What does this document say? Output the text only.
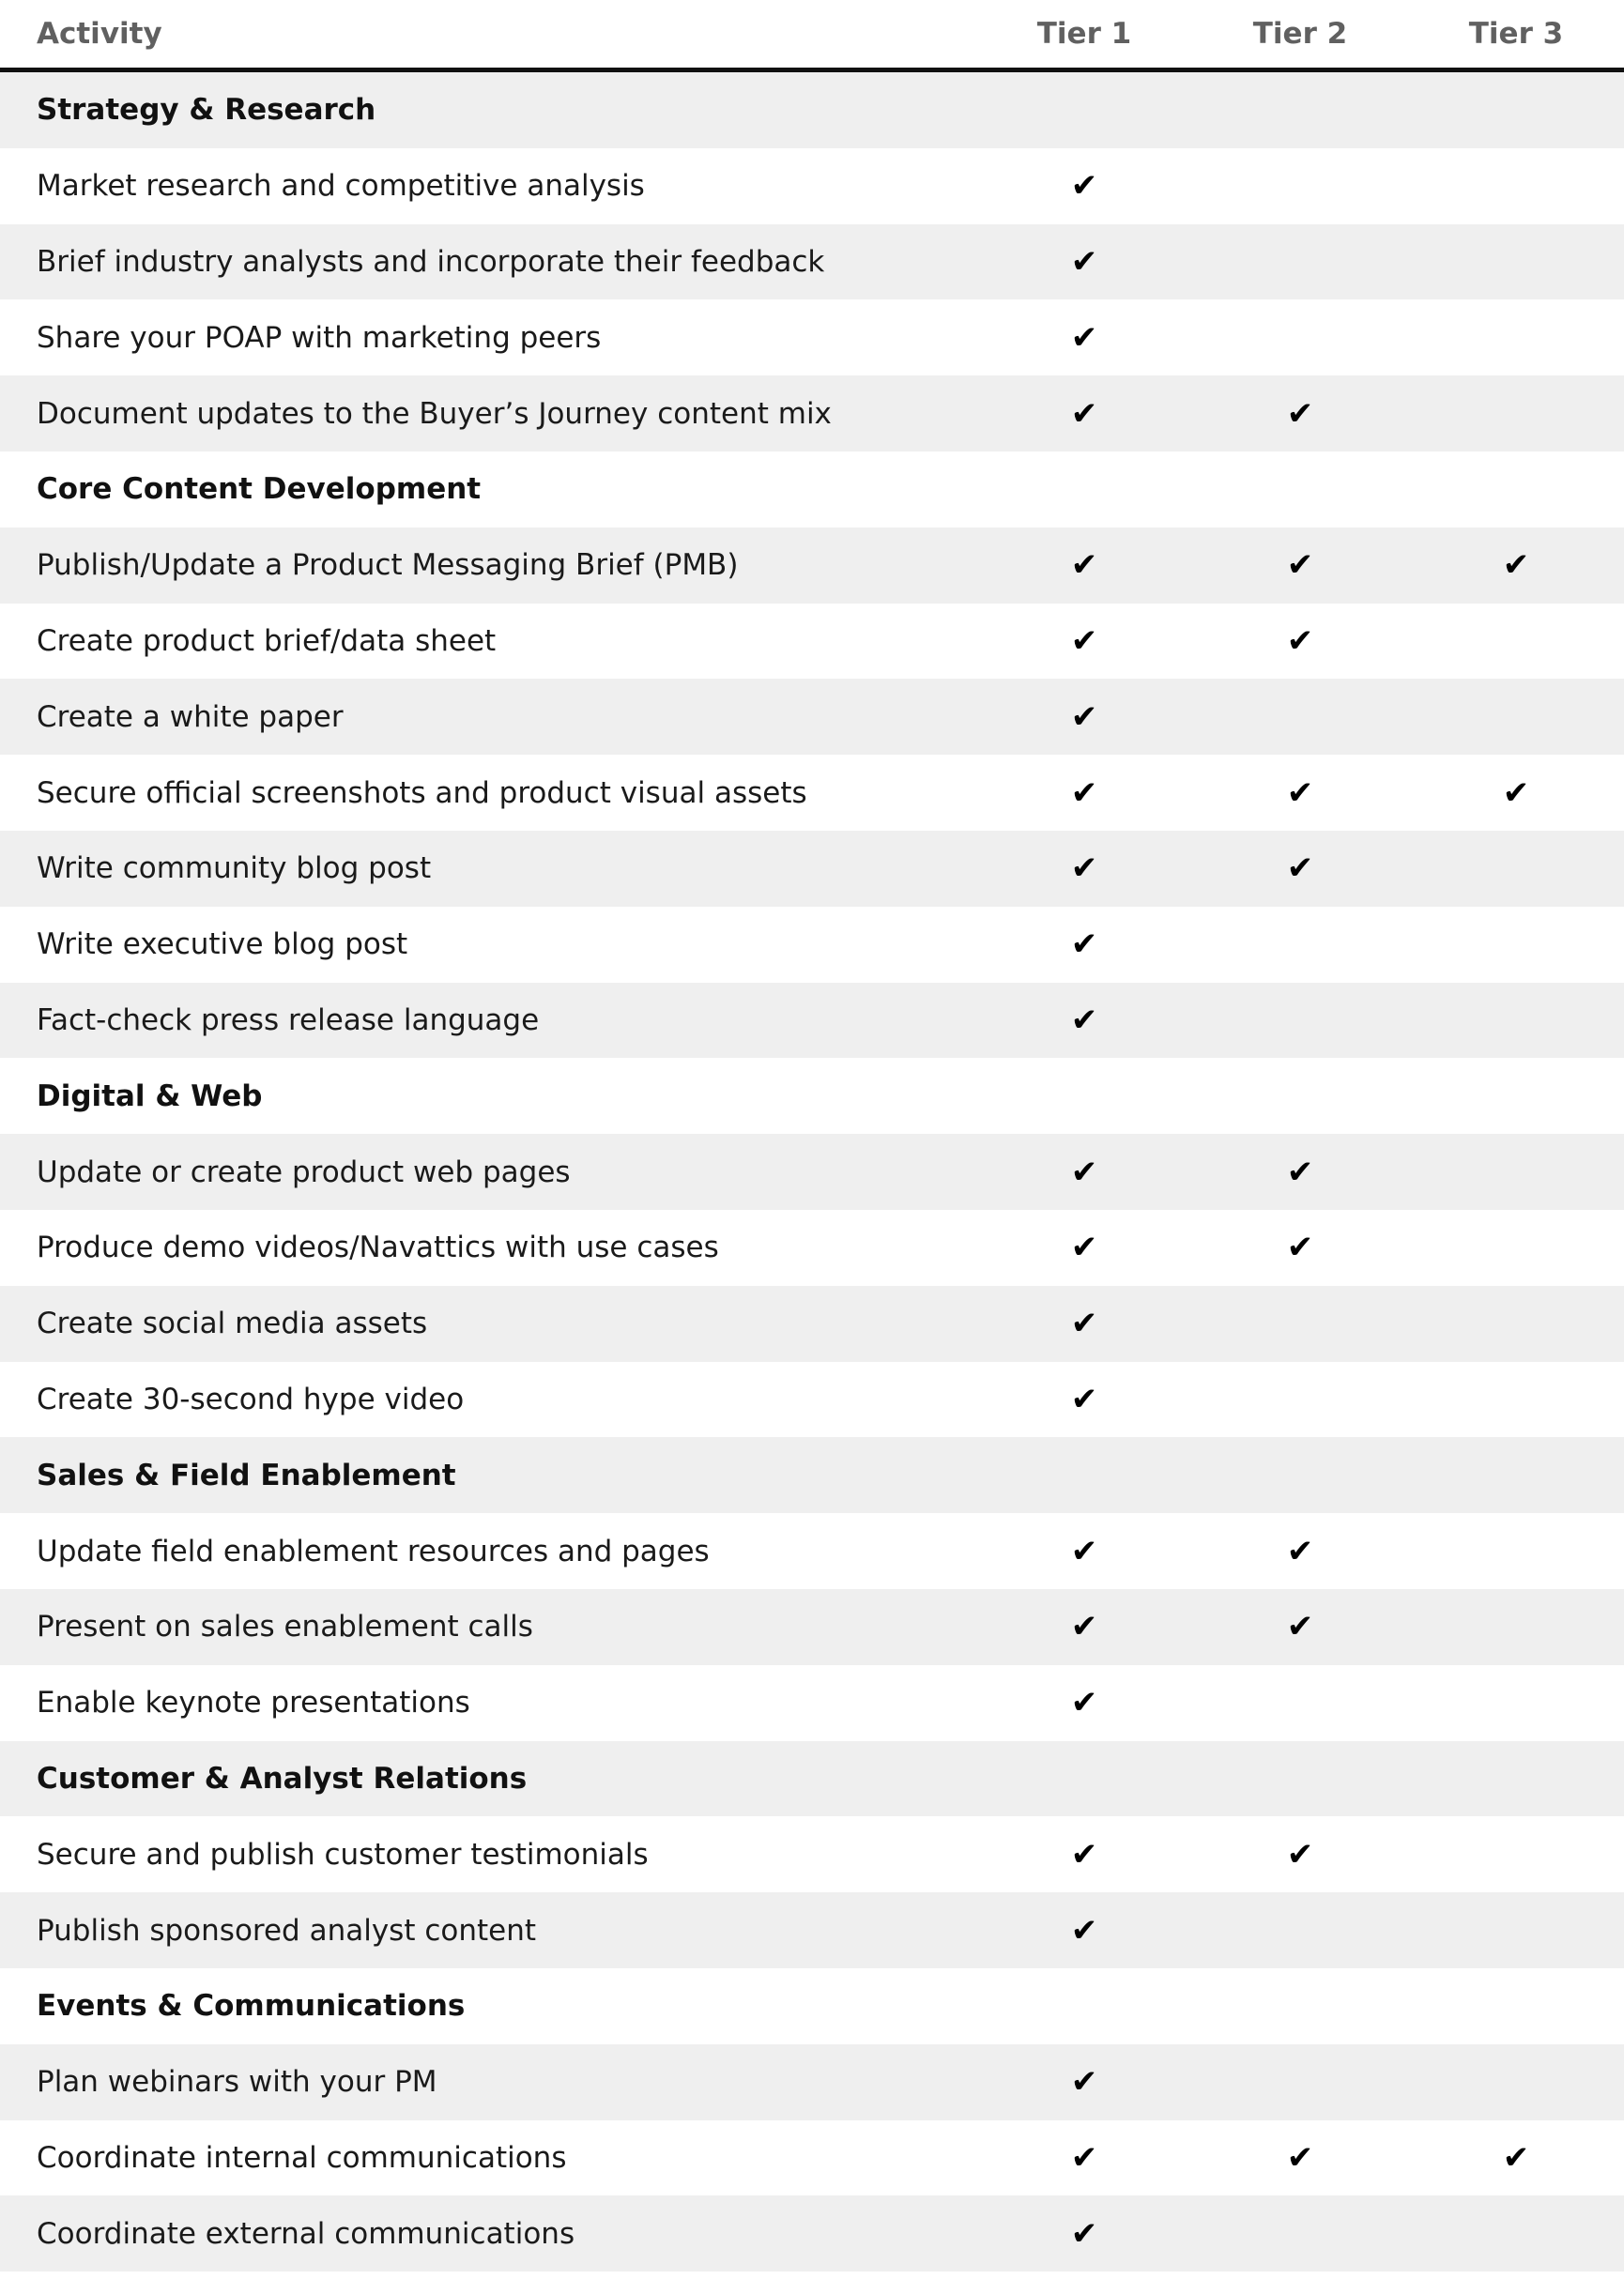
Activity	Tier 1	Tier 2	Tier 3
Strategy & Research
Market research and competitive analysis	✔
Brief industry analysts and incorporate their feedback	✔
Share your POAP with marketing peers	✔
Document updates to the Buyer’s Journey content mix	✔	✔
Core Content Development
Publish/Update a Product Messaging Brief (PMB)	✔	✔	✔
Create product brief/data sheet	✔	✔
Create a white paper	✔
Secure official screenshots and product visual assets	✔	✔	✔
Write community blog post	✔	✔
Write executive blog post	✔
Fact-check press release language	✔
Digital & Web
Update or create product web pages	✔	✔
Produce demo videos/Navattics with use cases	✔	✔
Create social media assets	✔
Create 30-second hype video	✔
Sales & Field Enablement
Update field enablement resources and pages	✔	✔
Present on sales enablement calls	✔	✔
Enable keynote presentations	✔
Customer & Analyst Relations
Secure and publish customer testimonials	✔	✔
Publish sponsored analyst content	✔
Events & Communications
Plan webinars with your PM	✔
Coordinate internal communications	✔	✔	✔
Coordinate external communications	✔
